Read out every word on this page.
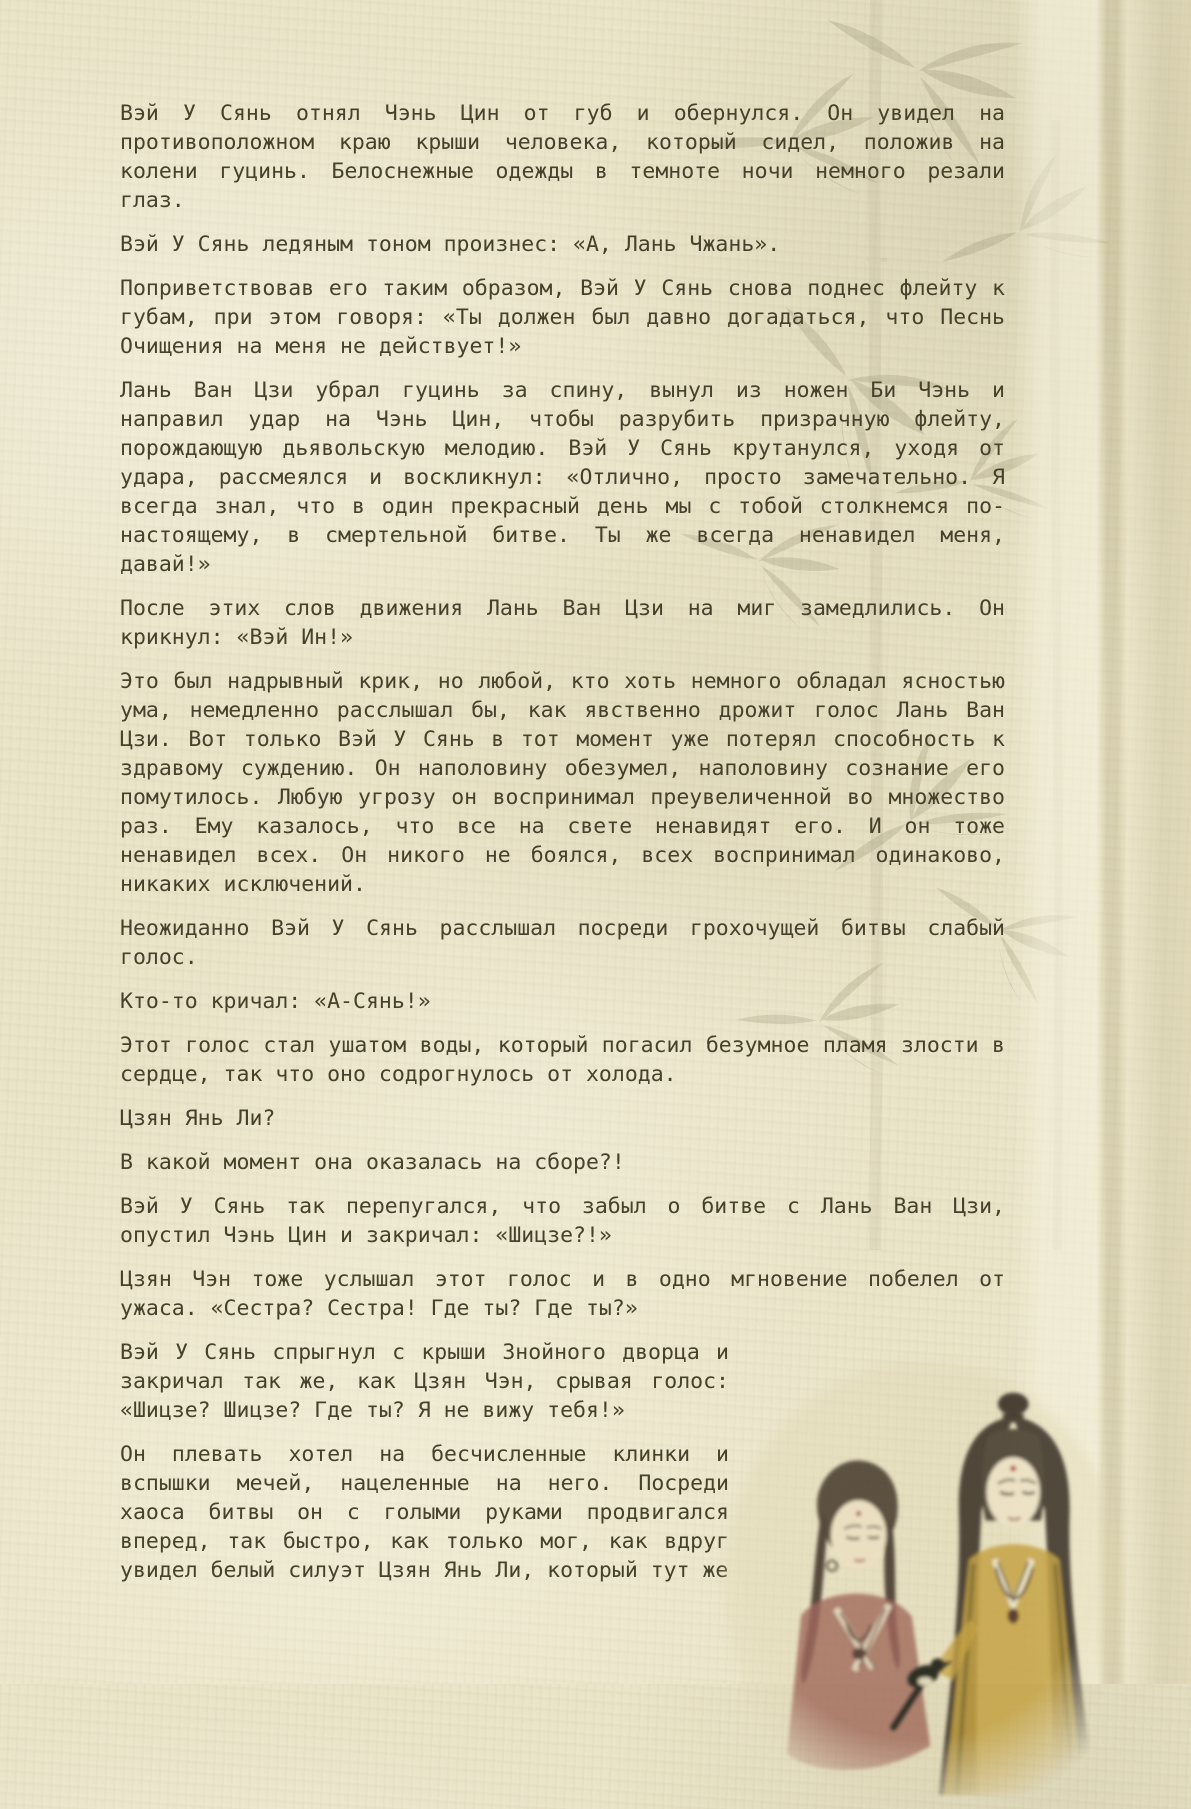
Вэй У Сянь отнял Чэнь Цин от губ и обернулся. Он увидел на противоположном краю крыши человека, который сидел, положив на колени гуцинь. Белоснежные одежды в темноте ночи немного резали глаз.

Вэй У Сянь ледяным тоном произнес: «А, Лань Чжань».

Поприветствовав его таким образом, Вэй У Сянь снова поднес флейту к губам, при этом говоря: «Ты должен был давно догадаться, что Песнь Очищения на меня не действует!»

Лань Ван Цзи убрал гуцинь за спину, вынул из ножен Би Чэнь и направил удар на Чэнь Цин, чтобы разрубить призрачную флейту, порождающую дьявольскую мелодию. Вэй У Сянь крутанулся, уходя от удара, рассмеялся и воскликнул: «Отлично, просто замечательно. Я всегда знал, что в один прекрасный день мы с тобой столкнемся по-настоящему, в смертельной битве. Ты же всегда ненавидел меня, давай!»

После этих слов движения Лань Ван Цзи на миг замедлились. Он крикнул: «Вэй Ин!»

Это был надрывный крик, но любой, кто хоть немного обладал ясностью ума, немедленно расслышал бы, как явственно дрожит голос Лань Ван Цзи. Вот только Вэй У Сянь в тот момент уже потерял способность к здравому суждению. Он наполовину обезумел, наполовину сознание его помутилось. Любую угрозу он воспринимал преувеличенной во множество раз. Ему казалось, что все на свете ненавидят его. И он тоже ненавидел всех. Он никого не боялся, всех воспринимал одинаково, никаких исключений.

Неожиданно Вэй У Сянь расслышал посреди грохочущей битвы слабый голос.

Кто-то кричал: «А-Сянь!»

Этот голос стал ушатом воды, который погасил безумное пламя злости в сердце, так что оно содрогнулось от холода.

Цзян Янь Ли?

В какой момент она оказалась на сборе?!

Вэй У Сянь так перепугался, что забыл о битве с Лань Ван Цзи, опустил Чэнь Цин и закричал: «Шицзе?!»

Цзян Чэн тоже услышал этот голос и в одно мгновение побелел от ужаса. «Сестра? Сестра! Где ты? Где ты?»

Вэй У Сянь спрыгнул с крыши Знойного дворца и закричал так же, как Цзян Чэн, срывая голос: «Шицзе? Шицзе? Где ты? Я не вижу тебя!»

Он плевать хотел на бесчисленные клинки и вспышки мечей, нацеленные на него. Посреди хаоса битвы он с голыми руками продвигался вперед, так быстро, как только мог, как вдруг увидел белый силуэт Цзян Янь Ли, который тут же
